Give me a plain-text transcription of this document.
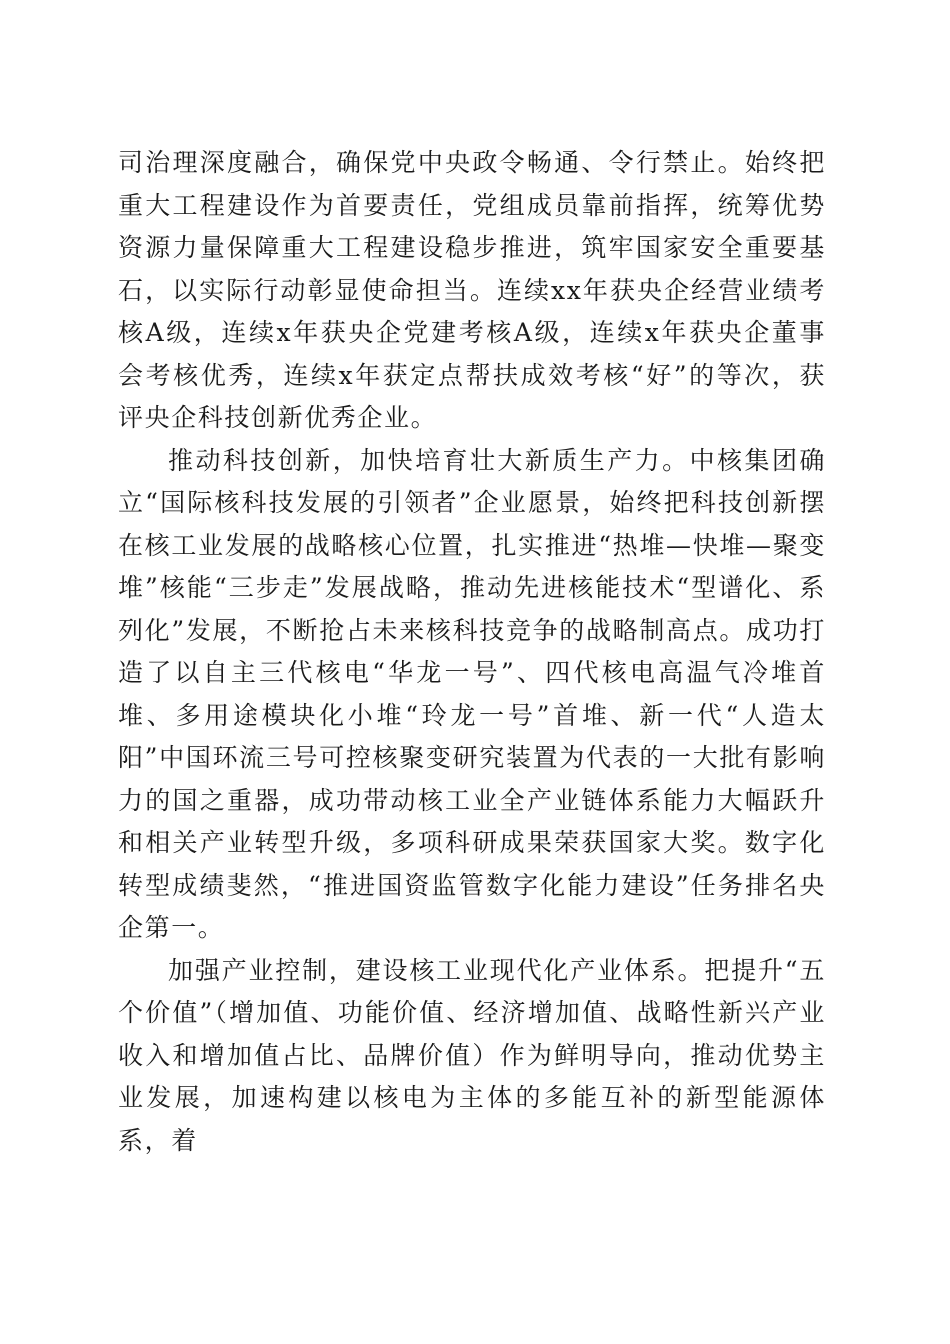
司治理深度融合，确保党中央政令畅通、令行禁止。始终把重大工程建设作为首要责任，党组成员靠前指挥，统筹优势资源力量保障重大工程建设稳步推进，筑牢国家安全重要基石，以实际行动彰显使命担当。连续xx年获央企经营业绩考核A级，连续x年获央企党建考核A级，连续x年获央企董事会考核优秀，连续x年获定点帮扶成效考核“好”的等次，获评央企科技创新优秀企业。

推动科技创新，加快培育壮大新质生产力。中核集团确立“国际核科技发展的引领者”企业愿景，始终把科技创新摆在核工业发展的战略核心位置，扎实推进“热堆—快堆—聚变堆”核能“三步走”发展战略，推动先进核能技术“型谱化、系列化”发展，不断抢占未来核科技竞争的战略制高点。成功打造了以自主三代核电“华龙一号”、四代核电高温气冷堆首堆、多用途模块化小堆“玲龙一号”首堆、新一代“人造太阳”中国环流三号可控核聚变研究装置为代表的一大批有影响力的国之重器，成功带动核工业全产业链体系能力大幅跃升和相关产业转型升级，多项科研成果荣获国家大奖。数字化转型成绩斐然，“推进国资监管数字化能力建设”任务排名央企第一。

加强产业控制，建设核工业现代化产业体系。把提升“五个价值”（增加值、功能价值、经济增加值、战略性新兴产业收入和增加值占比、品牌价值）作为鲜明导向，推动优势主业发展，加速构建以核电为主体的多能互补的新型能源体系，着
